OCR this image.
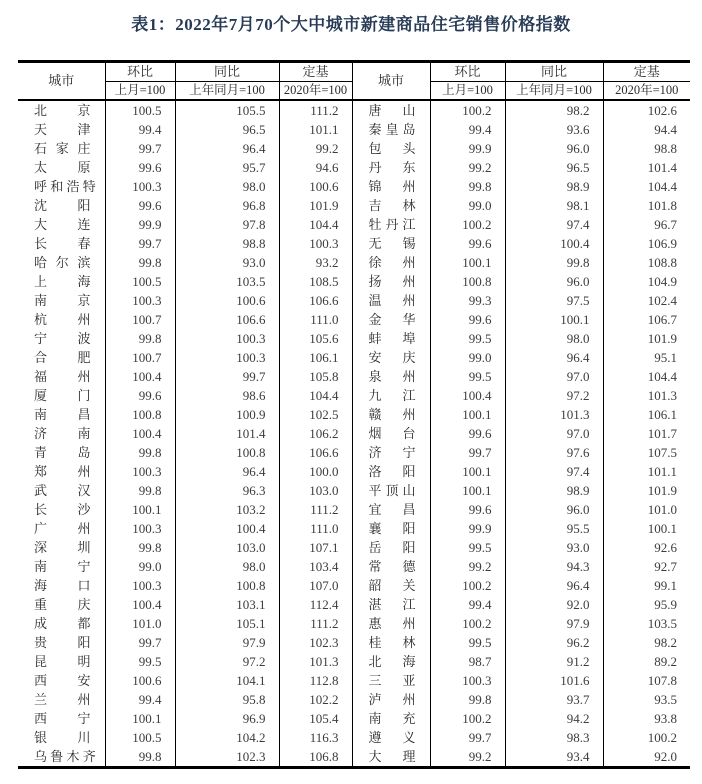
表1：2022年7月70个大中城市新建商品住宅销售价格指数
城市	环比	同比	定基	城市	环比	同比	定基
	上月=100	上年同月=100	2020年=100		上月=100	上年同月=100	2020年=100
北 京	100.5	105.5	111.2	唐 山	100.2	98.2	102.6
天 津	99.4	96.5	101.1	秦 皇 岛	99.4	93.6	94.4
石 家 庄	99.7	96.4	99.2	包 头	99.9	96.0	98.8
太 原	99.6	95.7	94.6	丹 东	99.2	96.5	101.4
呼 和 浩 特	100.3	98.0	100.6	锦 州	99.8	98.9	104.4
沈 阳	99.6	96.8	101.9	吉 林	99.0	98.1	101.8
大 连	99.9	97.8	104.4	牡 丹 江	100.2	97.4	96.7
长 春	99.7	98.8	100.3	无 锡	99.6	100.4	106.9
哈 尔 滨	99.8	93.0	93.2	徐 州	100.1	99.8	108.8
上 海	100.5	103.5	108.5	扬 州	100.8	96.0	104.9
南 京	100.3	100.6	106.6	温 州	99.3	97.5	102.4
杭 州	100.7	106.6	111.0	金 华	99.6	100.1	106.7
宁 波	99.8	100.3	105.6	蚌 埠	99.5	98.0	101.9
合 肥	100.7	100.3	106.1	安 庆	99.0	96.4	95.1
福 州	100.4	99.7	105.8	泉 州	99.5	97.0	104.4
厦 门	99.6	98.6	104.4	九 江	100.4	97.2	101.3
南 昌	100.8	100.9	102.5	赣 州	100.1	101.3	106.1
济 南	100.4	101.4	106.2	烟 台	99.6	97.0	101.7
青 岛	99.8	100.8	106.6	济 宁	99.7	97.6	107.5
郑 州	100.3	96.4	100.0	洛 阳	100.1	97.4	101.1
武 汉	99.8	96.3	103.0	平 顶 山	100.1	98.9	101.9
长 沙	100.1	103.2	111.2	宜 昌	99.6	96.0	101.0
广 州	100.3	100.4	111.0	襄 阳	99.9	95.5	100.1
深 圳	99.8	103.0	107.1	岳 阳	99.5	93.0	92.6
南 宁	99.0	98.0	103.4	常 德	99.2	94.3	92.7
海 口	100.3	100.8	107.0	韶 关	100.2	96.4	99.1
重 庆	100.4	103.1	112.4	湛 江	99.4	92.0	95.9
成 都	101.0	105.1	111.2	惠 州	100.2	97.9	103.5
贵 阳	99.7	97.9	102.3	桂 林	99.5	96.2	98.2
昆 明	99.5	97.2	101.3	北 海	98.7	91.2	89.2
西 安	100.6	104.1	112.8	三 亚	100.3	101.6	107.8
兰 州	99.4	95.8	102.2	泸 州	99.8	93.7	93.5
西 宁	100.1	96.9	105.4	南 充	100.2	94.2	93.8
银 川	100.5	104.2	116.3	遵 义	99.7	98.3	100.2
乌 鲁 木 齐	99.8	102.3	106.8	大 理	99.2	93.4	92.0
